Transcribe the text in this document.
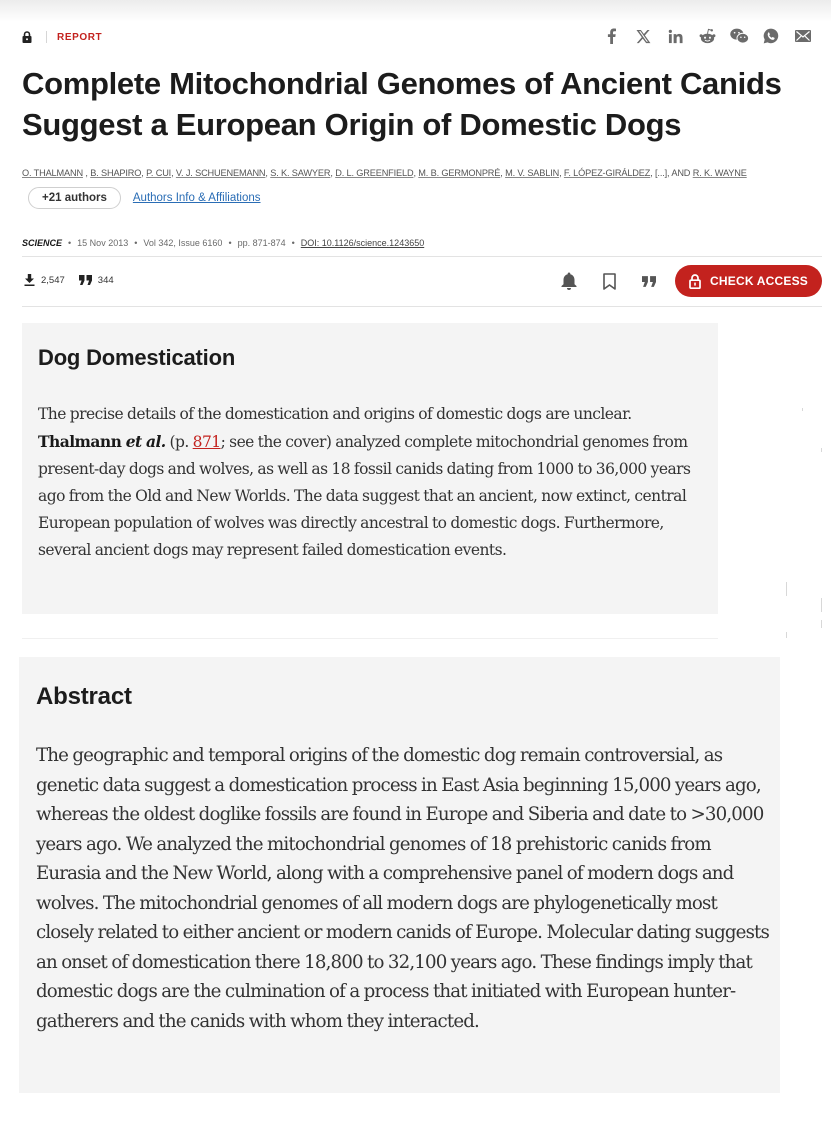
REPORT
Complete Mitochondrial Genomes of Ancient Canids Suggest a European Origin of Domestic Dogs
O. THALMANN , B. SHAPIRO, P. CUI, V. J. SCHUENEMANN, S. K. SAWYER, D. L. GREENFIELD, M. B. GERMONPRÉ, M. V. SABLIN, F. LÓPEZ-GIRÁLDEZ, [...], AND R. K. WAYNE
+21 authors	Authors Info & Affiliations
SCIENCE • 15 Nov 2013 • Vol 342, Issue 6160 • pp. 871-874 • DOI: 10.1126/science.1243650
2,547	344	CHECK ACCESS
Dog Domestication

The precise details of the domestication and origins of domestic dogs are unclear. Thalmann et al. (p. 871; see the cover) analyzed complete mitochondrial genomes from present-day dogs and wolves, as well as 18 fossil canids dating from 1000 to 36,000 years ago from the Old and New Worlds. The data suggest that an ancient, now extinct, central European population of wolves was directly ancestral to domestic dogs. Furthermore, several ancient dogs may represent failed domestication events.

Abstract

The geographic and temporal origins of the domestic dog remain controversial, as genetic data suggest a domestication process in East Asia beginning 15,000 years ago, whereas the oldest doglike fossils are found in Europe and Siberia and date to >30,000 years ago. We analyzed the mitochondrial genomes of 18 prehistoric canids from Eurasia and the New World, along with a comprehensive panel of modern dogs and wolves. The mitochondrial genomes of all modern dogs are phylogenetically most closely related to either ancient or modern canids of Europe. Molecular dating suggests an onset of domestication there 18,800 to 32,100 years ago. These findings imply that domestic dogs are the culmination of a process that initiated with European hunter-gatherers and the canids with whom they interacted.
